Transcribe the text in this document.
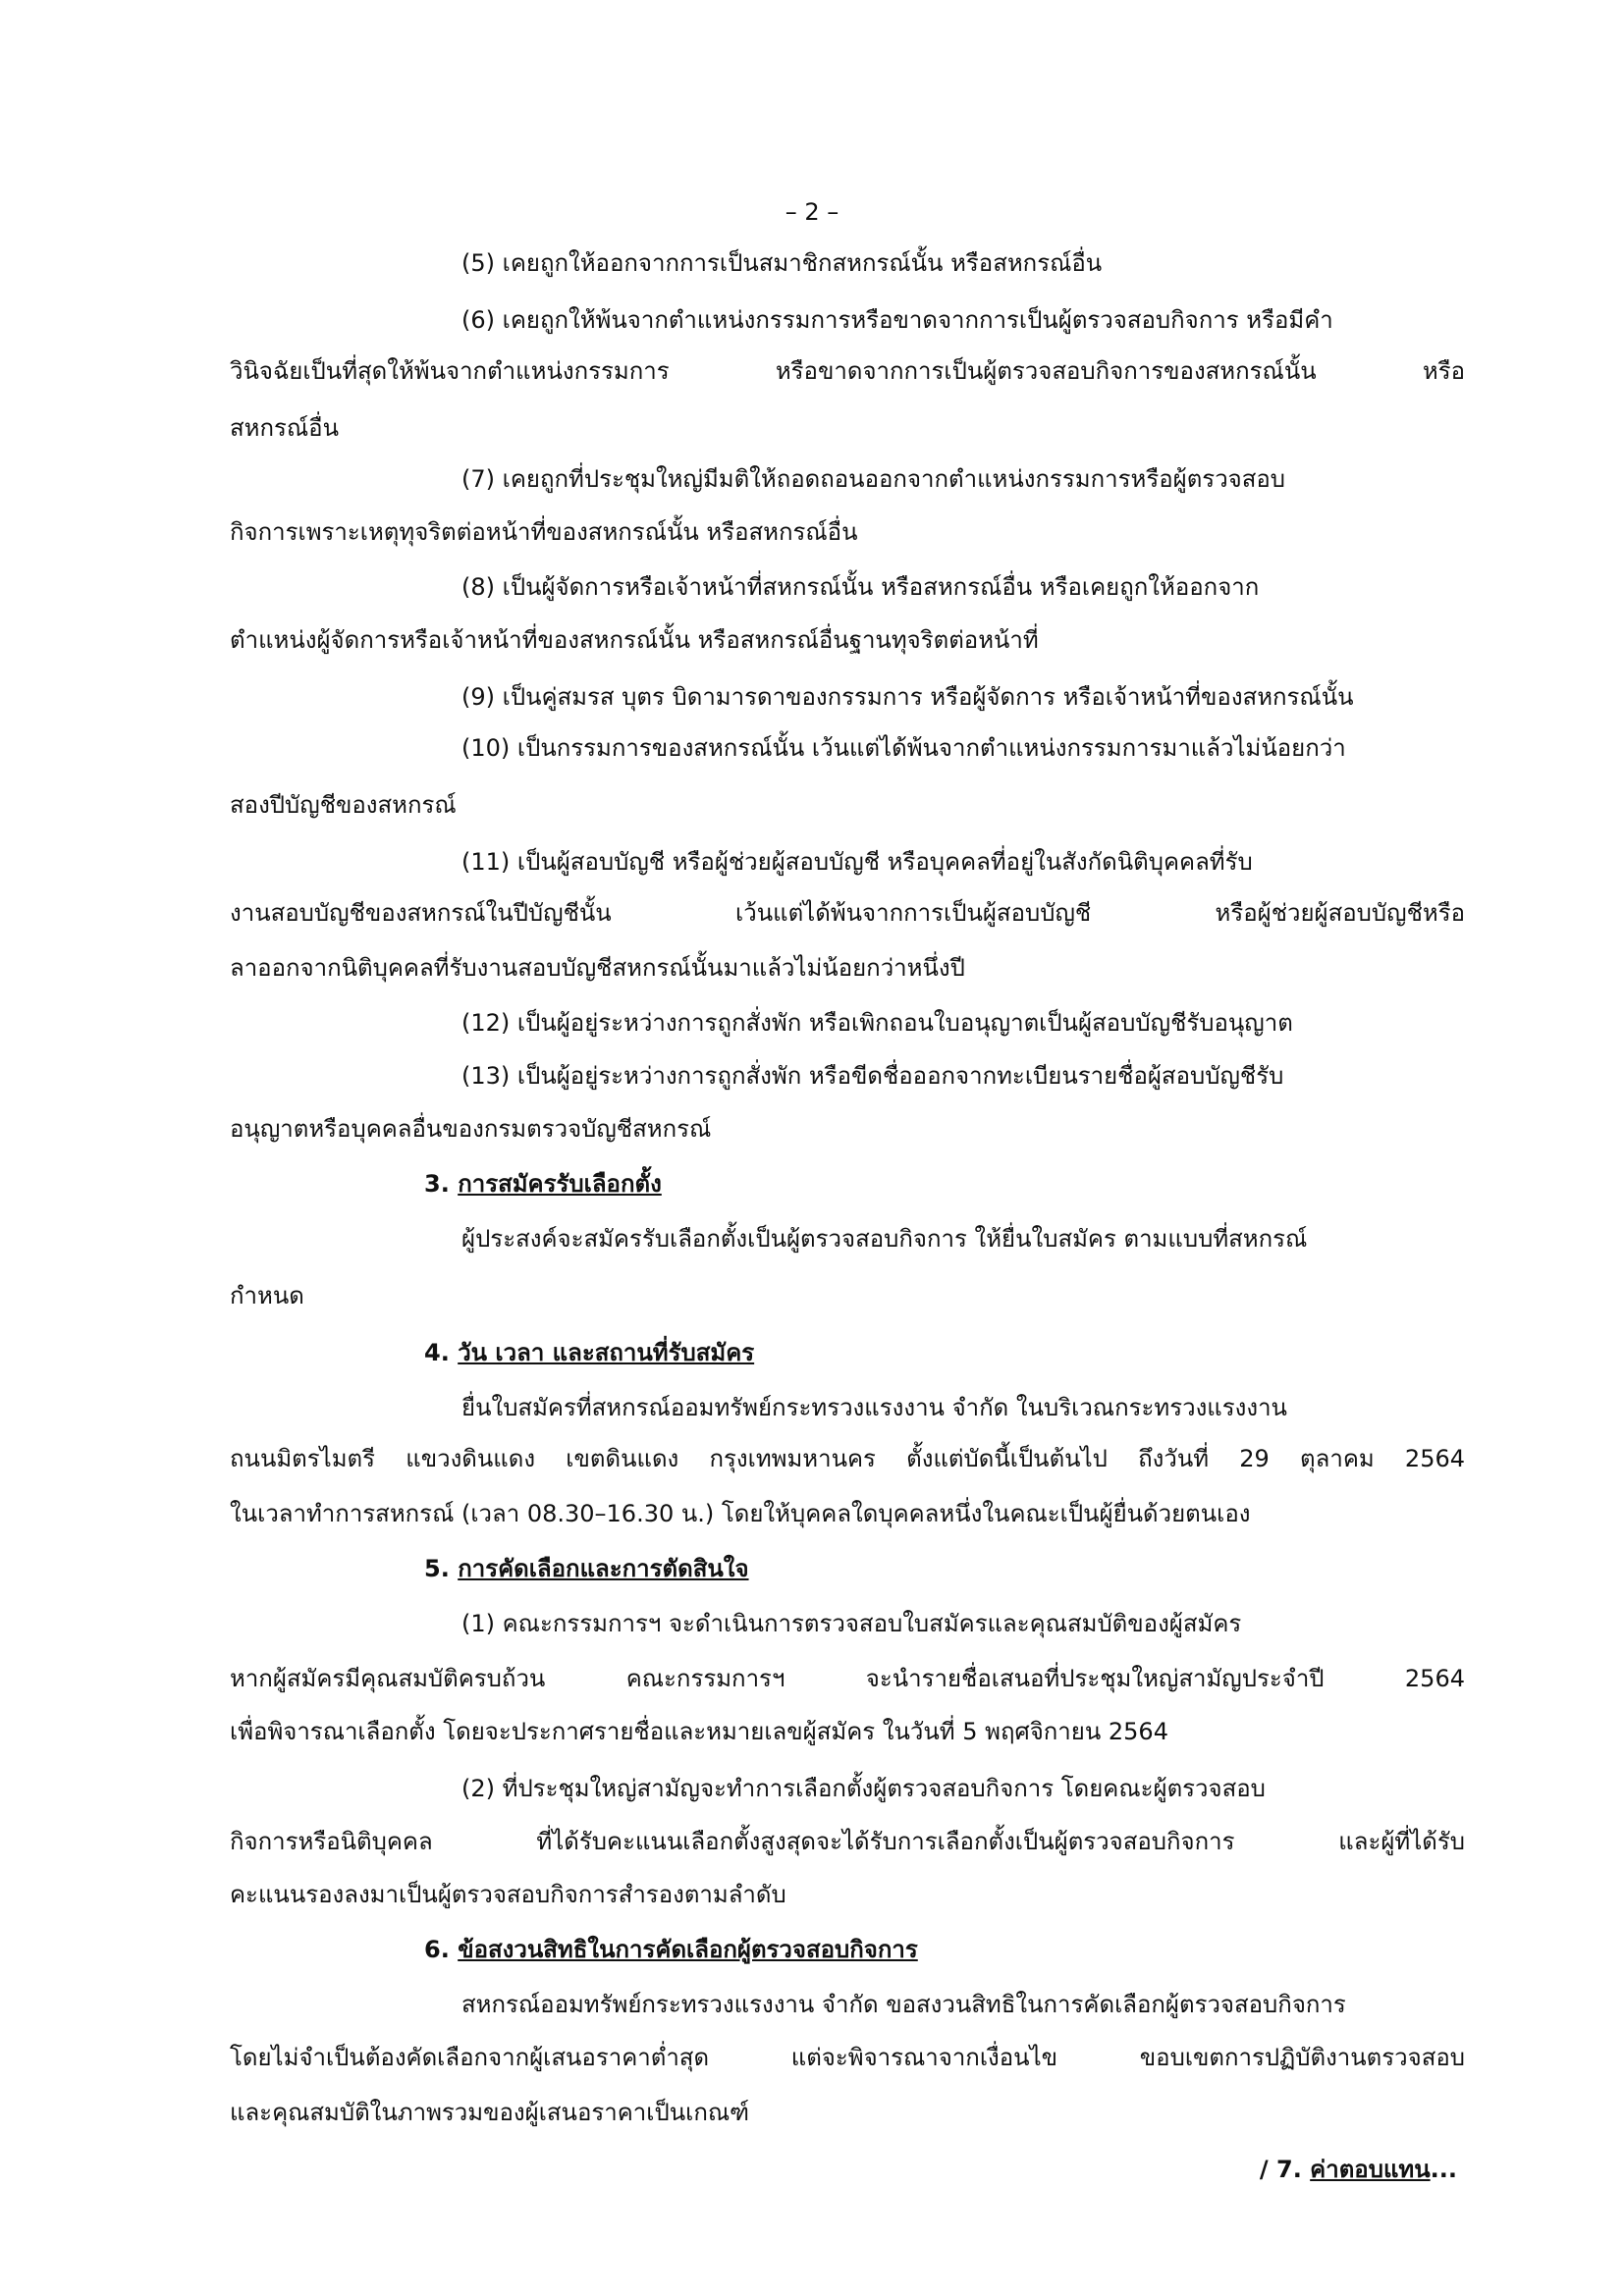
– 2 –
(5) เคยถูกให้ออกจากการเป็นสมาชิกสหกรณ์นั้น หรือสหกรณ์อื่น
(6) เคยถูกให้พ้นจากตำแหน่งกรรมการหรือขาดจากการเป็นผู้ตรวจสอบกิจการ หรือมีคำ
วินิจฉัยเป็นที่สุดให้พ้นจากตำแหน่งกรรมการ หรือขาดจากการเป็นผู้ตรวจสอบกิจการของสหกรณ์นั้น หรือ
สหกรณ์อื่น
(7) เคยถูกที่ประชุมใหญ่มีมติให้ถอดถอนออกจากตำแหน่งกรรมการหรือผู้ตรวจสอบ
กิจการเพราะเหตุทุจริตต่อหน้าที่ของสหกรณ์นั้น หรือสหกรณ์อื่น
(8) เป็นผู้จัดการหรือเจ้าหน้าที่สหกรณ์นั้น หรือสหกรณ์อื่น หรือเคยถูกให้ออกจาก
ตำแหน่งผู้จัดการหรือเจ้าหน้าที่ของสหกรณ์นั้น หรือสหกรณ์อื่นฐานทุจริตต่อหน้าที่
(9) เป็นคู่สมรส บุตร บิดามารดาของกรรมการ หรือผู้จัดการ หรือเจ้าหน้าที่ของสหกรณ์นั้น
(10) เป็นกรรมการของสหกรณ์นั้น เว้นแต่ได้พ้นจากตำแหน่งกรรมการมาแล้วไม่น้อยกว่า
สองปีบัญชีของสหกรณ์
(11) เป็นผู้สอบบัญชี หรือผู้ช่วยผู้สอบบัญชี หรือบุคคลที่อยู่ในสังกัดนิติบุคคลที่รับ
งานสอบบัญชีของสหกรณ์ในปีบัญชีนั้น เว้นแต่ได้พ้นจากการเป็นผู้สอบบัญชี หรือผู้ช่วยผู้สอบบัญชีหรือ
ลาออกจากนิติบุคคลที่รับงานสอบบัญชีสหกรณ์นั้นมาแล้วไม่น้อยกว่าหนึ่งปี
(12) เป็นผู้อยู่ระหว่างการถูกสั่งพัก หรือเพิกถอนใบอนุญาตเป็นผู้สอบบัญชีรับอนุญาต
(13) เป็นผู้อยู่ระหว่างการถูกสั่งพัก หรือขีดชื่อออกจากทะเบียนรายชื่อผู้สอบบัญชีรับ
อนุญาตหรือบุคคลอื่นของกรมตรวจบัญชีสหกรณ์
3. การสมัครรับเลือกตั้ง
ผู้ประสงค์จะสมัครรับเลือกตั้งเป็นผู้ตรวจสอบกิจการ ให้ยื่นใบสมัคร ตามแบบที่สหกรณ์
กำหนด
4. วัน เวลา และสถานที่รับสมัคร
ยื่นใบสมัครที่สหกรณ์ออมทรัพย์กระทรวงแรงงาน จำกัด ในบริเวณกระทรวงแรงงาน
ถนนมิตรไมตรี แขวงดินแดง เขตดินแดง กรุงเทพมหานคร ตั้งแต่บัดนี้เป็นต้นไป ถึงวันที่ 29 ตุลาคม 2564
ในเวลาทำการสหกรณ์ (เวลา 08.30–16.30 น.) โดยให้บุคคลใดบุคคลหนึ่งในคณะเป็นผู้ยื่นด้วยตนเอง
5. การคัดเลือกและการตัดสินใจ
(1) คณะกรรมการฯ จะดำเนินการตรวจสอบใบสมัครและคุณสมบัติของผู้สมัคร
หากผู้สมัครมีคุณสมบัติครบถ้วน คณะกรรมการฯ จะนำรายชื่อเสนอที่ประชุมใหญ่สามัญประจำปี 2564
เพื่อพิจารณาเลือกตั้ง โดยจะประกาศรายชื่อและหมายเลขผู้สมัคร ในวันที่ 5 พฤศจิกายน 2564
(2) ที่ประชุมใหญ่สามัญจะทำการเลือกตั้งผู้ตรวจสอบกิจการ โดยคณะผู้ตรวจสอบ
กิจการหรือนิติบุคคล ที่ได้รับคะแนนเลือกตั้งสูงสุดจะได้รับการเลือกตั้งเป็นผู้ตรวจสอบกิจการ และผู้ที่ได้รับ
คะแนนรองลงมาเป็นผู้ตรวจสอบกิจการสำรองตามลำดับ
6. ข้อสงวนสิทธิในการคัดเลือกผู้ตรวจสอบกิจการ
สหกรณ์ออมทรัพย์กระทรวงแรงงาน จำกัด ขอสงวนสิทธิในการคัดเลือกผู้ตรวจสอบกิจการ
โดยไม่จำเป็นต้องคัดเลือกจากผู้เสนอราคาต่ำสุด แต่จะพิจารณาจากเงื่อนไข ขอบเขตการปฏิบัติงานตรวจสอบ
และคุณสมบัติในภาพรวมของผู้เสนอราคาเป็นเกณฑ์
/ 7. ค่าตอบแทน...
